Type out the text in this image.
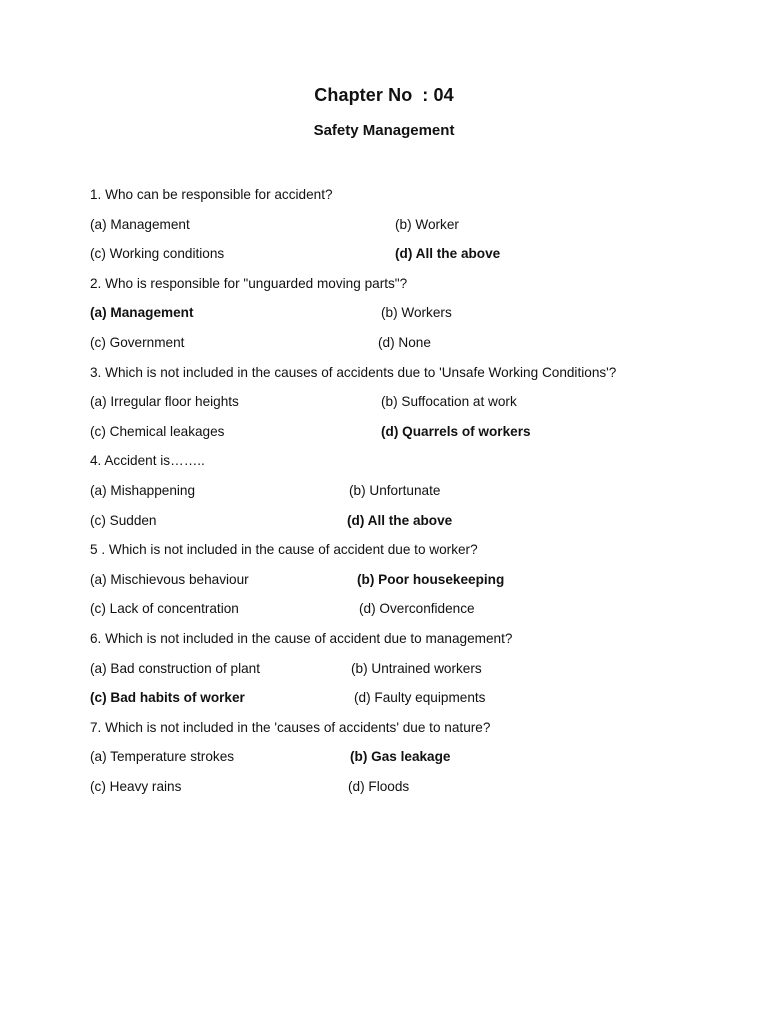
Chapter No : 04
Safety Management
1. Who can be responsible for accident?
(a) Management	(b) Worker
(c) Working conditions	(d) All the above
2. Who is responsible for "unguarded moving parts"?
(a) Management	(b) Workers
(c) Government	(d) None
3. Which is not included in the causes of accidents due to 'Unsafe Working Conditions'?
(a) Irregular floor heights	(b) Suffocation at work
(c) Chemical leakages	(d) Quarrels of workers
4. Accident is……..
(a) Mishappening	(b) Unfortunate
(c) Sudden	(d) All the above
5 . Which is not included in the cause of accident due to worker?
(a) Mischievous behaviour	(b) Poor housekeeping
(c) Lack of concentration	(d) Overconfidence
6. Which is not included in the cause of accident due to management?
(a) Bad construction of plant	(b) Untrained workers
(c) Bad habits of worker	(d) Faulty equipments
7. Which is not included in the 'causes of accidents' due to nature?
(a) Temperature strokes	(b) Gas leakage
(c) Heavy rains	(d) Floods
